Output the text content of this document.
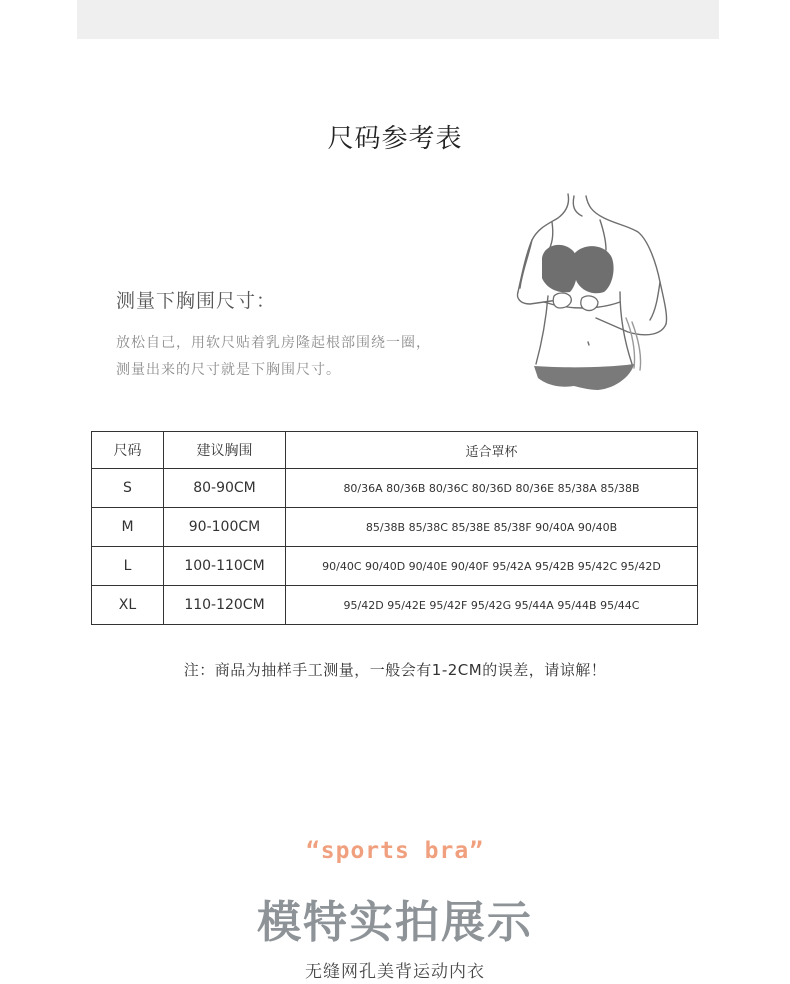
尺码参考表
测量下胸围尺寸：
放松自己，用软尺贴着乳房隆起根部围绕一圈，
测量出来的尺寸就是下胸围尺寸。
尺码	建议胸围	适合罩杯
S	80-90CM	80/36A 80/36B 80/36C 80/36D 80/36E 85/38A 85/38B
M	90-100CM	85/38B 85/38C 85/38E 85/38F 90/40A 90/40B
L	100-110CM	90/40C 90/40D 90/40E 90/40F 95/42A 95/42B 95/42C 95/42D
XL	110-120CM	95/42D 95/42E 95/42F 95/42G 95/44A 95/44B 95/44C
注：商品为抽样手工测量，一般会有1-2CM的误差，请谅解！
“sports bra”
模特实拍展示
无缝网孔美背运动内衣
